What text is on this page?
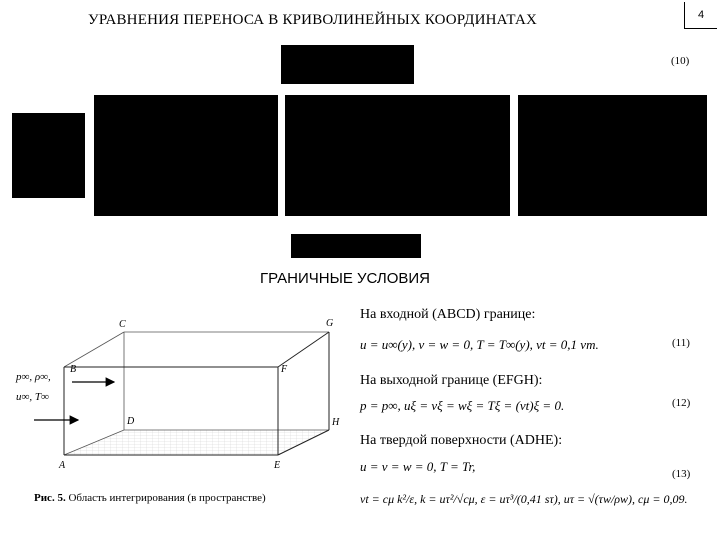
УРАВНЕНИЯ ПЕРЕНОСА В КРИВОЛИНЕЙНЫХ КООРДИНАТАХ	4
(10)
ГРАНИЧНЫЕ УСЛОВИЯ
На входной (ABCD) границе:
u = u∞(y), v = w = 0, T = T∞(y), νt = 0,1 νm.	(11)
На выходной границе (EFGH):
p = p∞, uξ = vξ = wξ = Tξ = (νt)ξ = 0.	(12)
На твердой поверхности (ADHE):
u = v = w = 0, T = Tr,	(13)
νt = cμ k²/ε, k = uτ²/√cμ, ε = uτ³/(0,41 sτ), uτ = √(τw/ρw), cμ = 0,09.
A
B
C
D
E
F
G
H
p∞, ρ∞,
u∞, T∞
Рис. 5. Область интегрирования (в пространстве)
